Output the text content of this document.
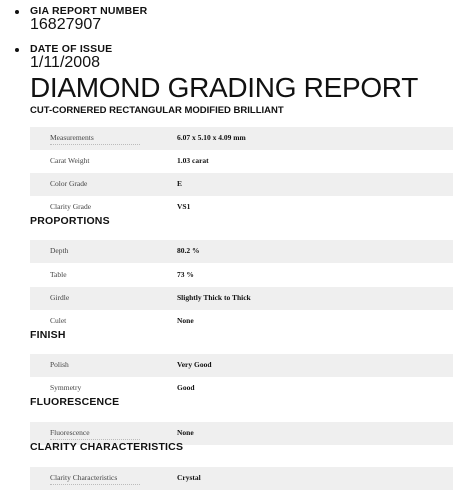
GIA REPORT NUMBER
16827907
DATE OF ISSUE
1/11/2008
DIAMOND GRADING REPORT
CUT-CORNERED RECTANGULAR MODIFIED BRILLIANT
Measurements	6.07 x 5.10 x 4.09 mm
Carat Weight	1.03 carat
Color Grade	E
Clarity Grade	VS1
PROPORTIONS
Depth	80.2 %
Table	73 %
Girdle	Slightly Thick to Thick
Culet	None
FINISH
Polish	Very Good
Symmetry	Good
FLUORESCENCE
Fluorescence	None
CLARITY CHARACTERISTICS
Clarity Characteristics	Crystal
